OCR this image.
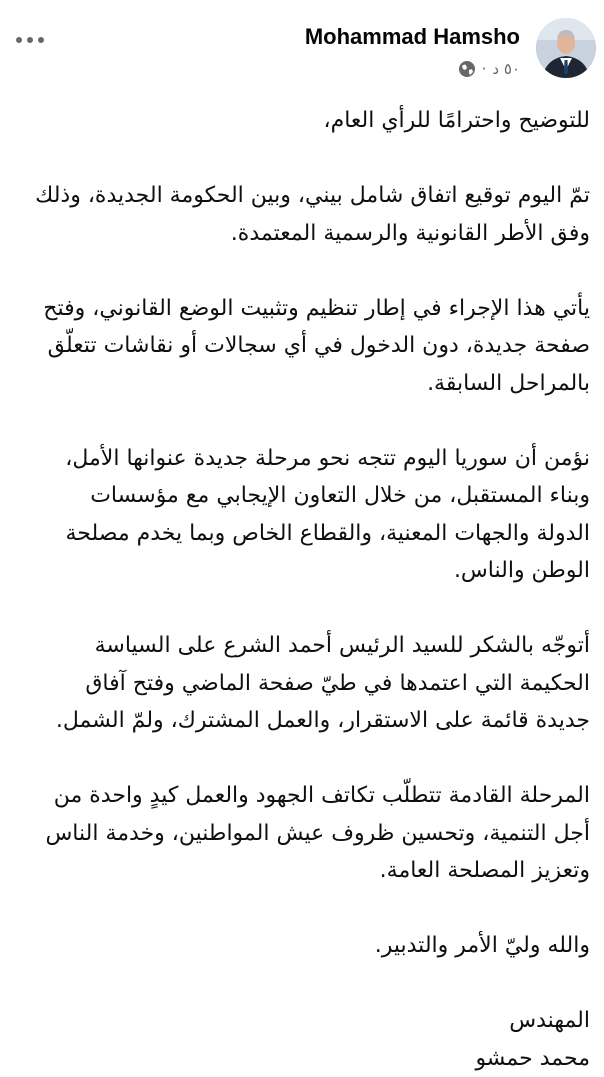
Mohammad Hamsho
· ٥٠ د

للتوضيح واحترامًا للرأي العام،

تمّ اليوم توقيع اتفاق شامل بيني، وبين الحكومة الجديدة، وذلك وفق الأطر القانونية والرسمية المعتمدة.

يأتي هذا الإجراء في إطار تنظيم وتثبيت الوضع القانوني، وفتح صفحة جديدة، دون الدخول في أي سجالات أو نقاشات تتعلّق بالمراحل السابقة.

نؤمن أن سوريا اليوم تتجه نحو مرحلة جديدة عنوانها الأمل، وبناء المستقبل، من خلال التعاون الإيجابي مع مؤسسات الدولة والجهات المعنية، والقطاع الخاص وبما يخدم مصلحة الوطن والناس.

أتوجّه بالشكر للسيد الرئيس أحمد الشرع على السياسة الحكيمة التي اعتمدها في طيّ صفحة الماضي وفتح آفاق جديدة قائمة على الاستقرار، والعمل المشترك، ولمّ الشمل.

المرحلة القادمة تتطلّب تكاتف الجهود والعمل كيدٍ واحدة من أجل التنمية، وتحسين ظروف عيش المواطنين، وخدمة الناس وتعزيز المصلحة العامة.

والله وليّ الأمر والتدبير.

المهندس

محمد حمشو
